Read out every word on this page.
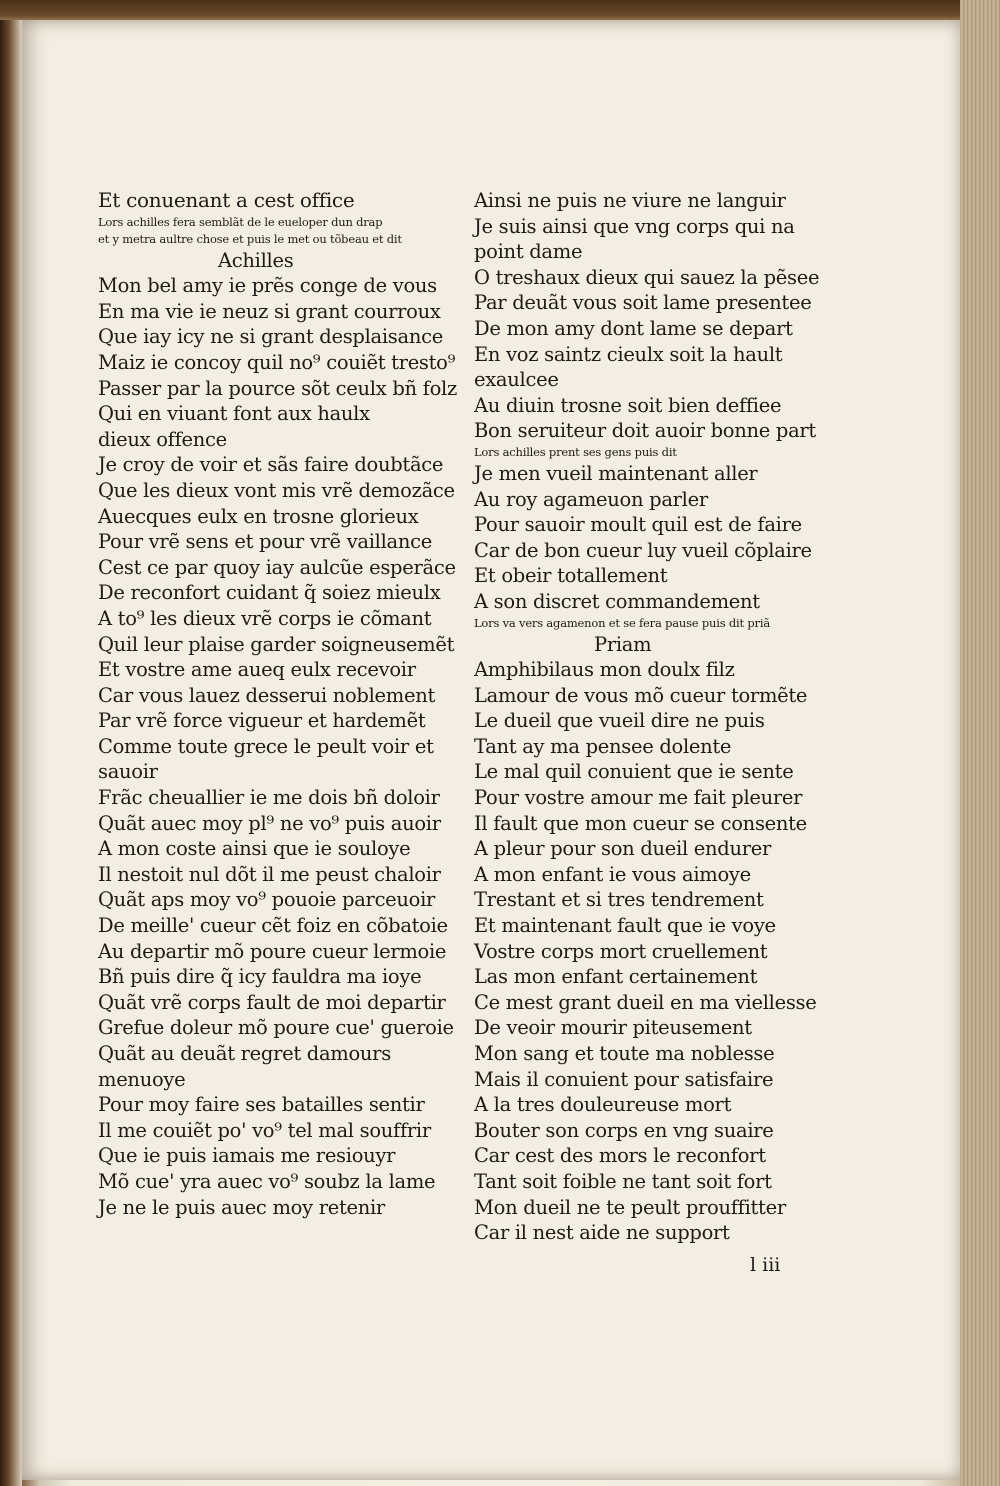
Et conuenant a cest office
Lors achilles fera semblãt de le eueloper dun drap
et y metra aultre chose et puis le met ou tõbeau et dit
Achilles
Mon bel amy ie prẽs conge de vous
En ma vie ie neuz si grant courroux
Que iay icy ne si grant desplaisance
Maiz ie concoy quil no⁹ couiẽt tresto⁹
Passer par la pource sõt ceulx bñ folz
Qui en viuant font aux haulx
dieux offence
Je croy de voir et sãs faire doubtãce
Que les dieux vont mis vrẽ demozãce
Auecques eulx en trosne glorieux
Pour vrẽ sens et pour vrẽ vaillance
Cest ce par quoy iay aulcũe esperãce
De reconfort cuidant q̃ soiez mieulx
A to⁹ les dieux vrẽ corps ie cõmant
Quil leur plaise garder soigneusemẽt
Et vostre ame aueq eulx recevoir
Car vous lauez desserui noblement
Par vrẽ force vigueur et hardemẽt
Comme toute grece le peult voir et
sauoir
Frãc cheuallier ie me dois bñ doloir
Quãt auec moy pl⁹ ne vo⁹ puis auoir
A mon coste ainsi que ie souloye
Il nestoit nul dõt il me peust chaloir
Quãt aps moy vo⁹ pouoie parceuoir
De meille' cueur cẽt foiz en cõbatoie
Au departir mõ poure cueur lermoie
Bñ puis dire q̃ icy fauldra ma ioye
Quãt vrẽ corps fault de moi departir
Grefue doleur mõ poure cue' gueroie
Quãt au deuãt regret damours
menuoye
Pour moy faire ses batailles sentir
Il me couiẽt po' vo⁹ tel mal souffrir
Que ie puis iamais me resiouyr
Mõ cue' yra auec vo⁹ soubz la lame
Je ne le puis auec moy retenir
Ainsi ne puis ne viure ne languir
Je suis ainsi que vng corps qui na
point dame
O treshaux dieux qui sauez la pẽsee
Par deuãt vous soit lame presentee
De mon amy dont lame se depart
En voz saintz cieulx soit la hault
exaulcee
Au diuin trosne soit bien deffiee
Bon seruiteur doit auoir bonne part
Lors achilles prent ses gens puis dit
Je men vueil maintenant aller
Au roy agameuon parler
Pour sauoir moult quil est de faire
Car de bon cueur luy vueil cõplaire
Et obeir totallement
A son discret commandement
Lors va vers agamenon et se fera pause puis dit priã
Priam
Amphibilaus mon doulx filz
Lamour de vous mõ cueur tormẽte
Le dueil que vueil dire ne puis
Tant ay ma pensee dolente
Le mal quil conuient que ie sente
Pour vostre amour me fait pleurer
Il fault que mon cueur se consente
A pleur pour son dueil endurer
A mon enfant ie vous aimoye
Trestant et si tres tendrement
Et maintenant fault que ie voye
Vostre corps mort cruellement
Las mon enfant certainement
Ce mest grant dueil en ma viellesse
De veoir mourir piteusement
Mon sang et toute ma noblesse
Mais il conuient pour satisfaire
A la tres douleureuse mort
Bouter son corps en vng suaire
Car cest des mors le reconfort
Tant soit foible ne tant soit fort
Mon dueil ne te peult prouffitter
Car il nest aide ne support
l iii
